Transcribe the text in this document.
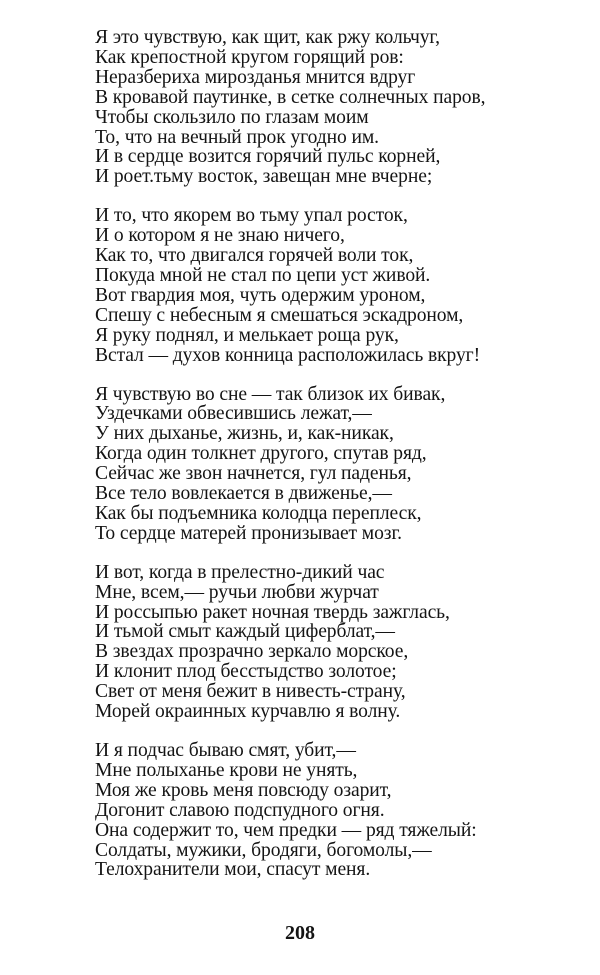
Я это чувствую, как щит, как ржу кольчуг,
Как крепостной кругом горящий ров:
Неразбериха мирозданья мнится вдруг
В кровавой паутинке, в сетке солнечных паров,
Чтобы скользило по глазам моим
То, что на вечный прок угодно им.
И в сердце возится горячий пульс корней,
И роет.тьму восток, завещан мне вчерне;
И то, что якорем во тьму упал росток,
И о котором я не знаю ничего,
Как то, что двигался горячей воли ток,
Покуда мной не стал по цепи уст живой.
Вот гвардия моя, чуть одержим уроном,
Спешу с небесным я смешаться эскадроном,
Я руку поднял, и мелькает роща рук,
Встал — духов конница расположилась вкруг!
Я чувствую во сне — так близок их бивак,
Уздечками обвесившись лежат,—
У них дыханье, жизнь, и, как-никак,
Когда один толкнет другого, спутав ряд,
Сейчас же звон начнется, гул паденья,
Все тело вовлекается в движенье,—
Как бы подъемника колодца переплеск,
То сердце матерей пронизывает мозг.
И вот, когда в прелестно-дикий час
Мне, всем,— ручьи любви журчат
И россыпью ракет ночная твердь зажглась,
И тьмой смыт каждый циферблат,—
В звездах прозрачно зеркало морское,
И клонит плод бесстыдство золотое;
Свет от меня бежит в нивесть-страну,
Морей окраинных курчавлю я волну.
И я подчас бываю смят, убит,—
Мне полыханье крови не унять,
Моя же кровь меня повсюду озарит,
Догонит славою подспудного огня.
Она содержит то, чем предки — ряд тяжелый:
Солдаты, мужики, бродяги, богомолы,—
Телохранители мои, спасут меня.
208
